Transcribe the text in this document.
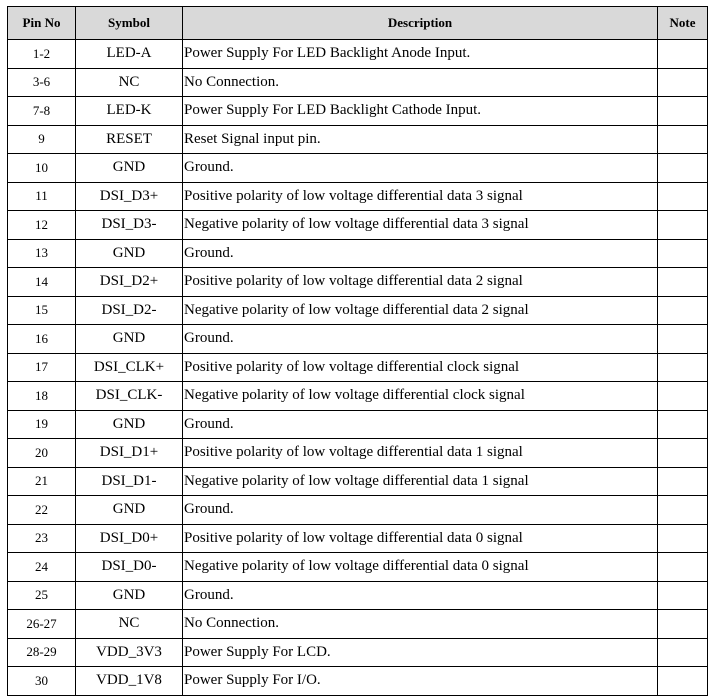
Pin No	Symbol	Description	Note
1-2	LED-A	Power Supply For LED Backlight Anode Input.	
3-6	NC	No Connection.	
7-8	LED-K	Power Supply For LED Backlight Cathode Input.	
9	RESET	Reset Signal input pin.	
10	GND	Ground.	
11	DSI_D3+	Positive polarity of low voltage differential data 3 signal	
12	DSI_D3-	Negative polarity of low voltage differential data 3 signal	
13	GND	Ground.	
14	DSI_D2+	Positive polarity of low voltage differential data 2 signal	
15	DSI_D2-	Negative polarity of low voltage differential data 2 signal	
16	GND	Ground.	
17	DSI_CLK+	Positive polarity of low voltage differential clock signal	
18	DSI_CLK-	Negative polarity of low voltage differential clock signal	
19	GND	Ground.	
20	DSI_D1+	Positive polarity of low voltage differential data 1 signal	
21	DSI_D1-	Negative polarity of low voltage differential data 1 signal	
22	GND	Ground.	
23	DSI_D0+	Positive polarity of low voltage differential data 0 signal	
24	DSI_D0-	Negative polarity of low voltage differential data 0 signal	
25	GND	Ground.	
26-27	NC	No Connection.	
28-29	VDD_3V3	Power Supply For LCD.	
30	VDD_1V8	Power Supply For I/O.	
